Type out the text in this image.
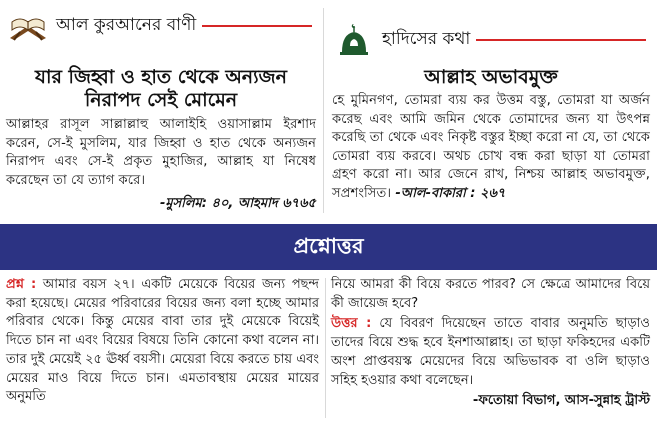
আল কুরআনের বাণী
যার জিহ্বা ও হাত থেকে অন্যজন
নিরাপদ সেই মোমেন
আল্লাহর রাসূল সাল্লাল্লাহু আলাইহি ওয়াসাল্লাম ইরশাদ করেন, সে-ই মুসলিম, যার জিহ্বা ও হাত থেকে অন্যজন নিরাপদ এবং সে-ই প্রকৃত মুহাজির, আল্লাহ যা নিষেধ করেছেন তা যে ত্যাগ করে।
-মুসলিম: ৪০, আহমাদ ৬৭৬৫
হাদিসের কথা
আল্লাহ অভাবমুক্ত
হে মুমিনগণ, তোমরা ব্যয় কর উত্তম বস্তু, তোমরা যা অর্জন করেছ এবং আমি জমিন থেকে তোমাদের জন্য যা উৎপন্ন করেছি তা থেকে এবং নিকৃষ্ট বস্তুর ইচ্ছা করো না যে, তা থেকে তোমরা ব্যয় করবে। অথচ চোখ বন্ধ করা ছাড়া যা তোমরা গ্রহণ করো না। আর জেনে রাখ, নিশ্চয় আল্লাহ অভাবমুক্ত, সপ্রশংসিত। -আল-বাকারা : ২৬৭
প্রশ্নোত্তর
প্রশ্ন : আমার বয়স ২৭। একটি মেয়েকে বিয়ের জন্য পছন্দ করা হয়েছে। মেয়ের পরিবারের বিয়ের জন্য বলা হচ্ছে আমার পরিবার থেকে। কিন্তু মেয়ের বাবা তার দুই মেয়েকে বিয়েই দিতে চান না এবং বিয়ের বিষয়ে তিনি কোনো কথা বলেন না। তার দুই মেয়েই ২৫ ঊর্ধ্ব বয়সী। মেয়েরা বিয়ে করতে চায় এবং মেয়ের মাও বিয়ে দিতে চান। এমতাবস্থায় মেয়ের মায়ের অনুমতি
নিয়ে আমরা কী বিয়ে করতে পারব? সে ক্ষেত্রে আমাদের বিয়ে কী জায়েজ হবে?
উত্তর : যে বিবরণ দিয়েছেন তাতে বাবার অনুমতি ছাড়াও তাদের বিয়ে শুদ্ধ হবে ইনশাআল্লাহ। তা ছাড়া ফকিহদের একটি অংশ প্রাপ্তবয়স্ক মেয়েদের বিয়ে অভিভাবক বা ওলি ছাড়াও সহিহ হওয়ার কথা বলেছেন।
-ফতোয়া বিভাগ, আস-সুন্নাহ ট্রাস্ট
